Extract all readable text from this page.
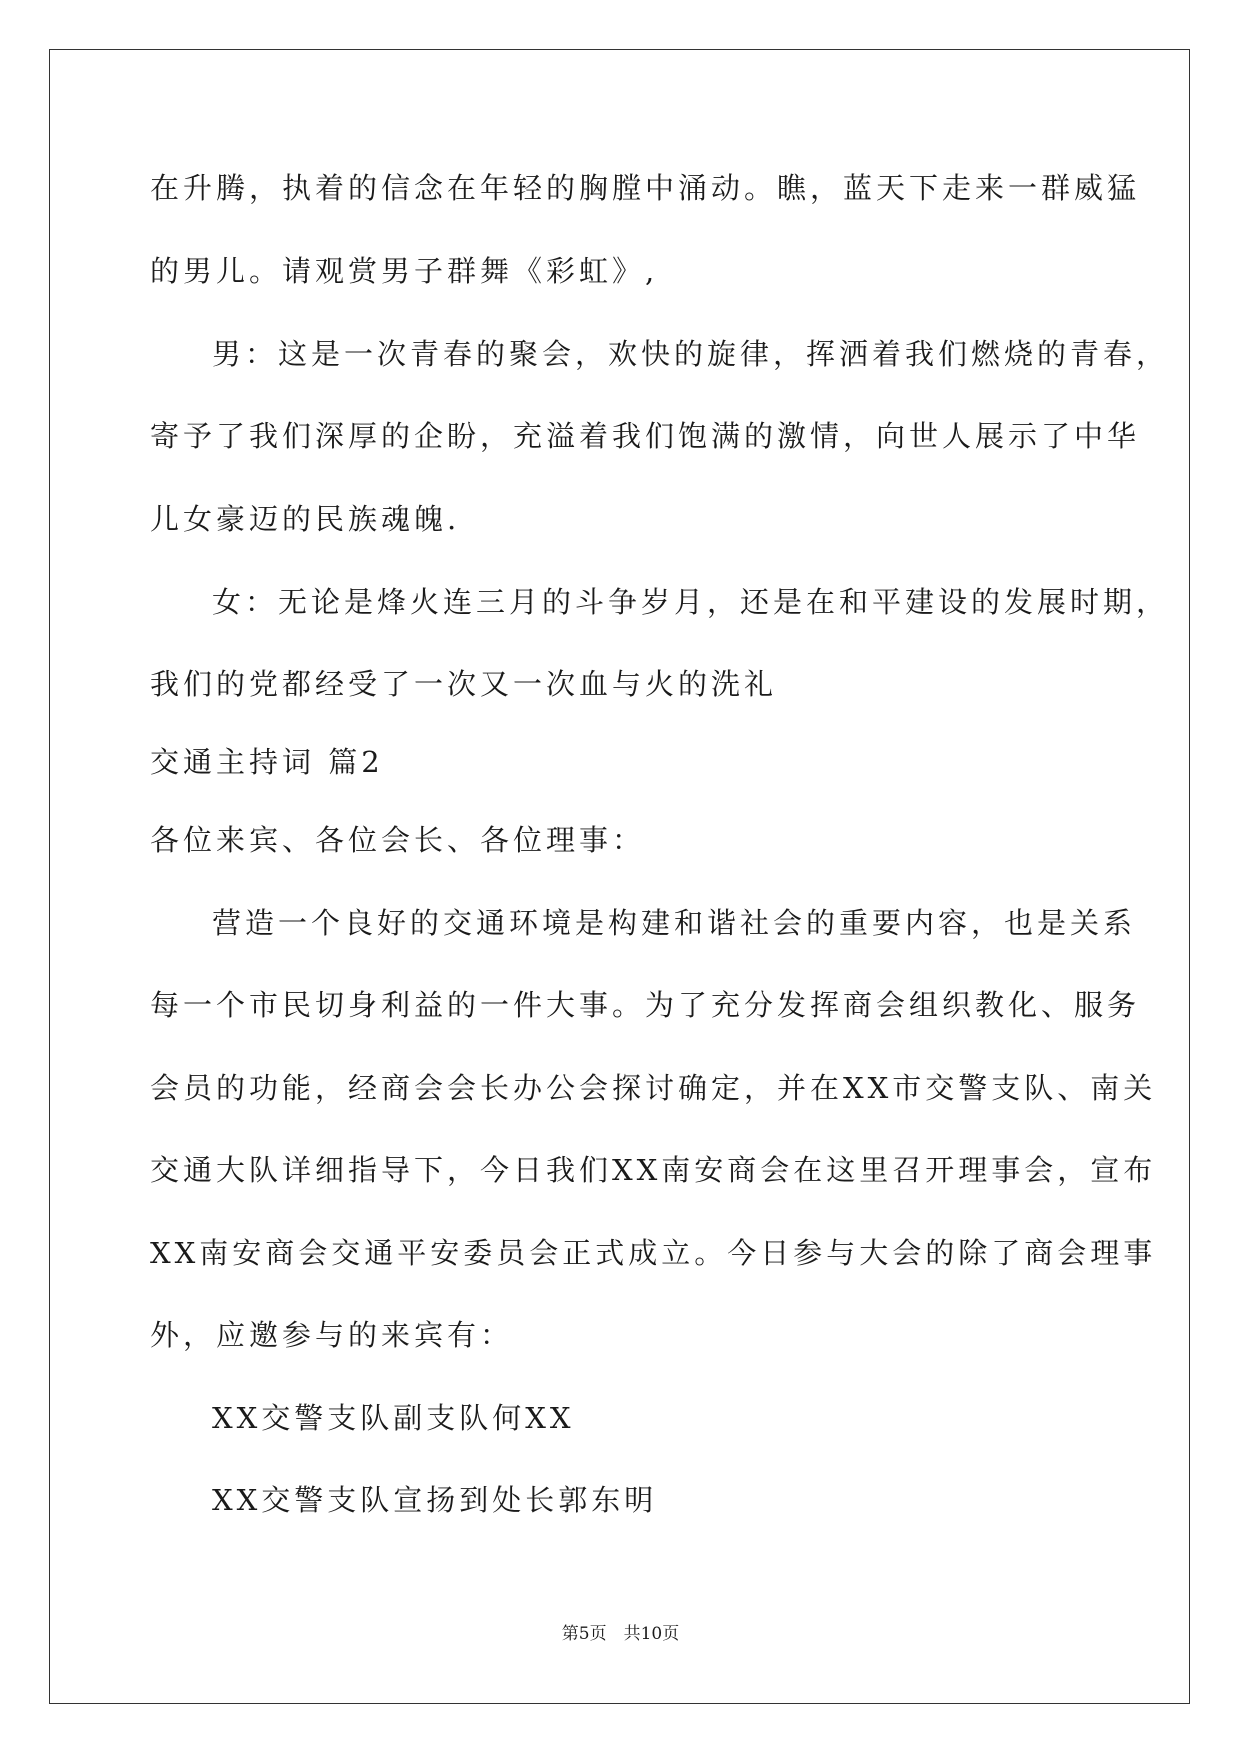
在升腾，执着的信念在年轻的胸膛中涌动。瞧，蓝天下走来一群威猛
的男儿。请观赏男子群舞《彩虹》,
男：这是一次青春的聚会，欢快的旋律，挥洒着我们燃烧的青春，
寄予了我们深厚的企盼，充溢着我们饱满的激情，向世人展示了中华
儿女豪迈的民族魂魄.
女：无论是烽火连三月的斗争岁月，还是在和平建设的发展时期，
我们的党都经受了一次又一次血与火的洗礼
交通主持词 篇2
各位来宾、各位会长、各位理事：
营造一个良好的交通环境是构建和谐社会的重要内容，也是关系
每一个市民切身利益的一件大事。为了充分发挥商会组织教化、服务
会员的功能，经商会会长办公会探讨确定，并在XX市交警支队、南关
交通大队详细指导下，今日我们XX南安商会在这里召开理事会，宣布
XX南安商会交通平安委员会正式成立。今日参与大会的除了商会理事
外，应邀参与的来宾有：
XX交警支队副支队何XX
XX交警支队宣扬到处长郭东明
第5页　共10页
